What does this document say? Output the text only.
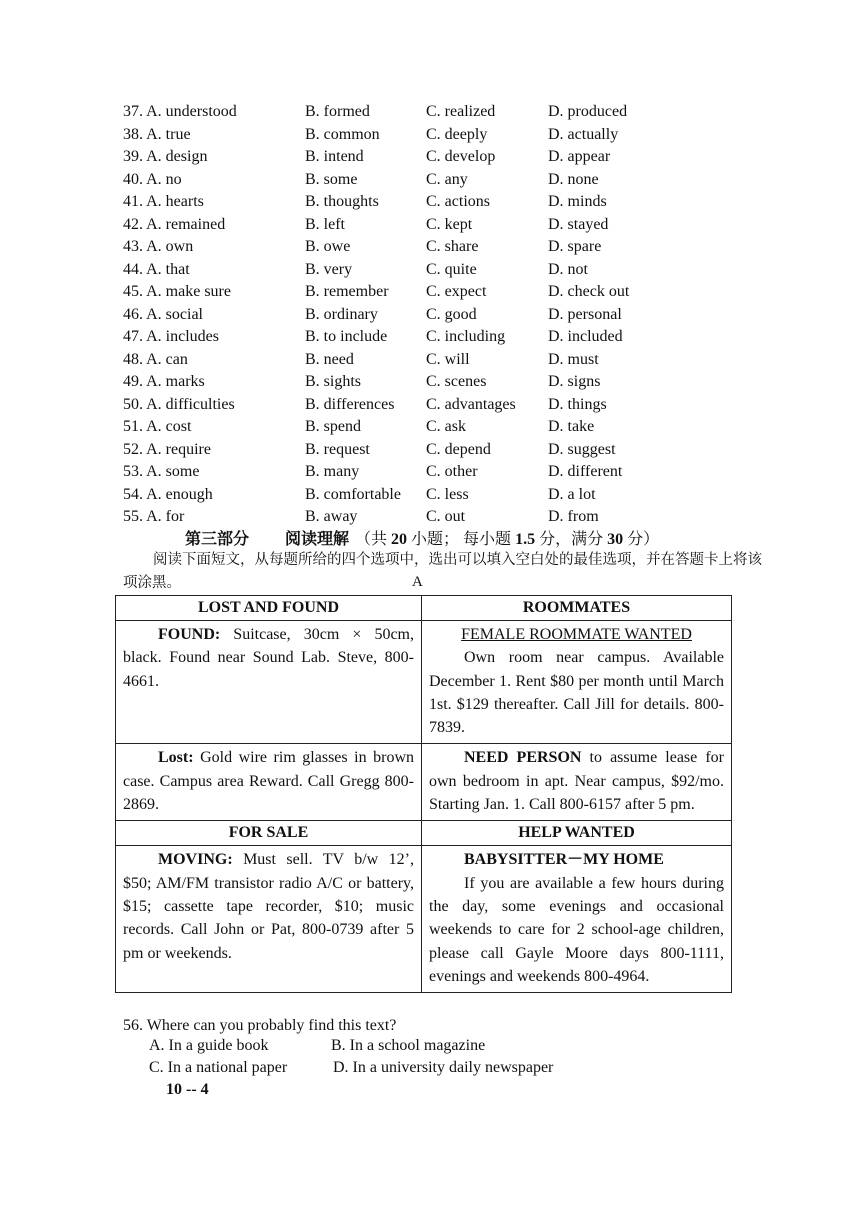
37. A. understood	B. formed	C. realized	D. produced
38. A. true	B. common	C. deeply	D. actually
39. A. design	B. intend	C. develop	D. appear
40. A. no	B. some	C. any	D. none
41. A. hearts	B. thoughts	C. actions	D. minds
42. A. remained	B. left	C. kept	D. stayed
43. A. own	B. owe	C. share	D. spare
44. A. that	B. very	C. quite	D. not
45. A. make sure	B. remember C. expect	D. check out
46. A. social	B. ordinary	C. good	D. personal
47. A. includes	B. to include C. including	D. included
48. A. can	B. need	C. will	D. must
49. A. marks	B. sights	C. scenes	D. signs
50. A. difficulties	B. differences C. advantages D. things
51. A. cost	B. spend	C. ask	D. take
52. A. require	B. request	C. depend	D. suggest
53. A. some	B. many	C. other	D. different
54. A. enough	B. comfortable C. less	D. a lot
55. A. for	B. away	C. out	D. from
第三部分 阅读理解 （共 20 小题； 每小题 1.5 分，满分 30 分）
阅读下面短文，从每题所给的四个选项中，选出可以填入空白处的最佳选项，并在答题卡上将该项涂黑。	A
LOST AND FOUND	ROOMMATES

FOUND: Suitcase, 30cm × 50cm, black. Found near Sound Lab. Steve, 800-4661.	FEMALE ROOMMATE WANTED

Own room near campus. Available December 1. Rent $80 per month until March 1st. $129 thereafter. Call Jill for details. 800-7839.

Lost: Gold wire rim glasses in brown case. Campus area Reward. Call Gregg 800-2869.	NEED PERSON to assume lease for own bedroom in apt. Near campus, $92/mo. Starting Jan. 1. Call 800-6157 after 5 pm.

FOR SALE	HELP WANTED

MOVING: Must sell. TV b/w 12’, $50; AM/FM transistor radio A/C or battery, $15; cassette tape recorder, $10; music records. Call John or Pat, 800-0739 after 5 pm or weekends.	BABYSITTER－MY HOME

If you are available a few hours during the day, some evenings and occasional weekends to care for 2 school-age children, please call Gayle Moore days 800-1111, evenings and weekends 800-4964.

56. Where can you probably find this text?
A. In a guide book	B. In a school magazine
C. In a national paper	D. In a university daily newspaper
10 -- 4
